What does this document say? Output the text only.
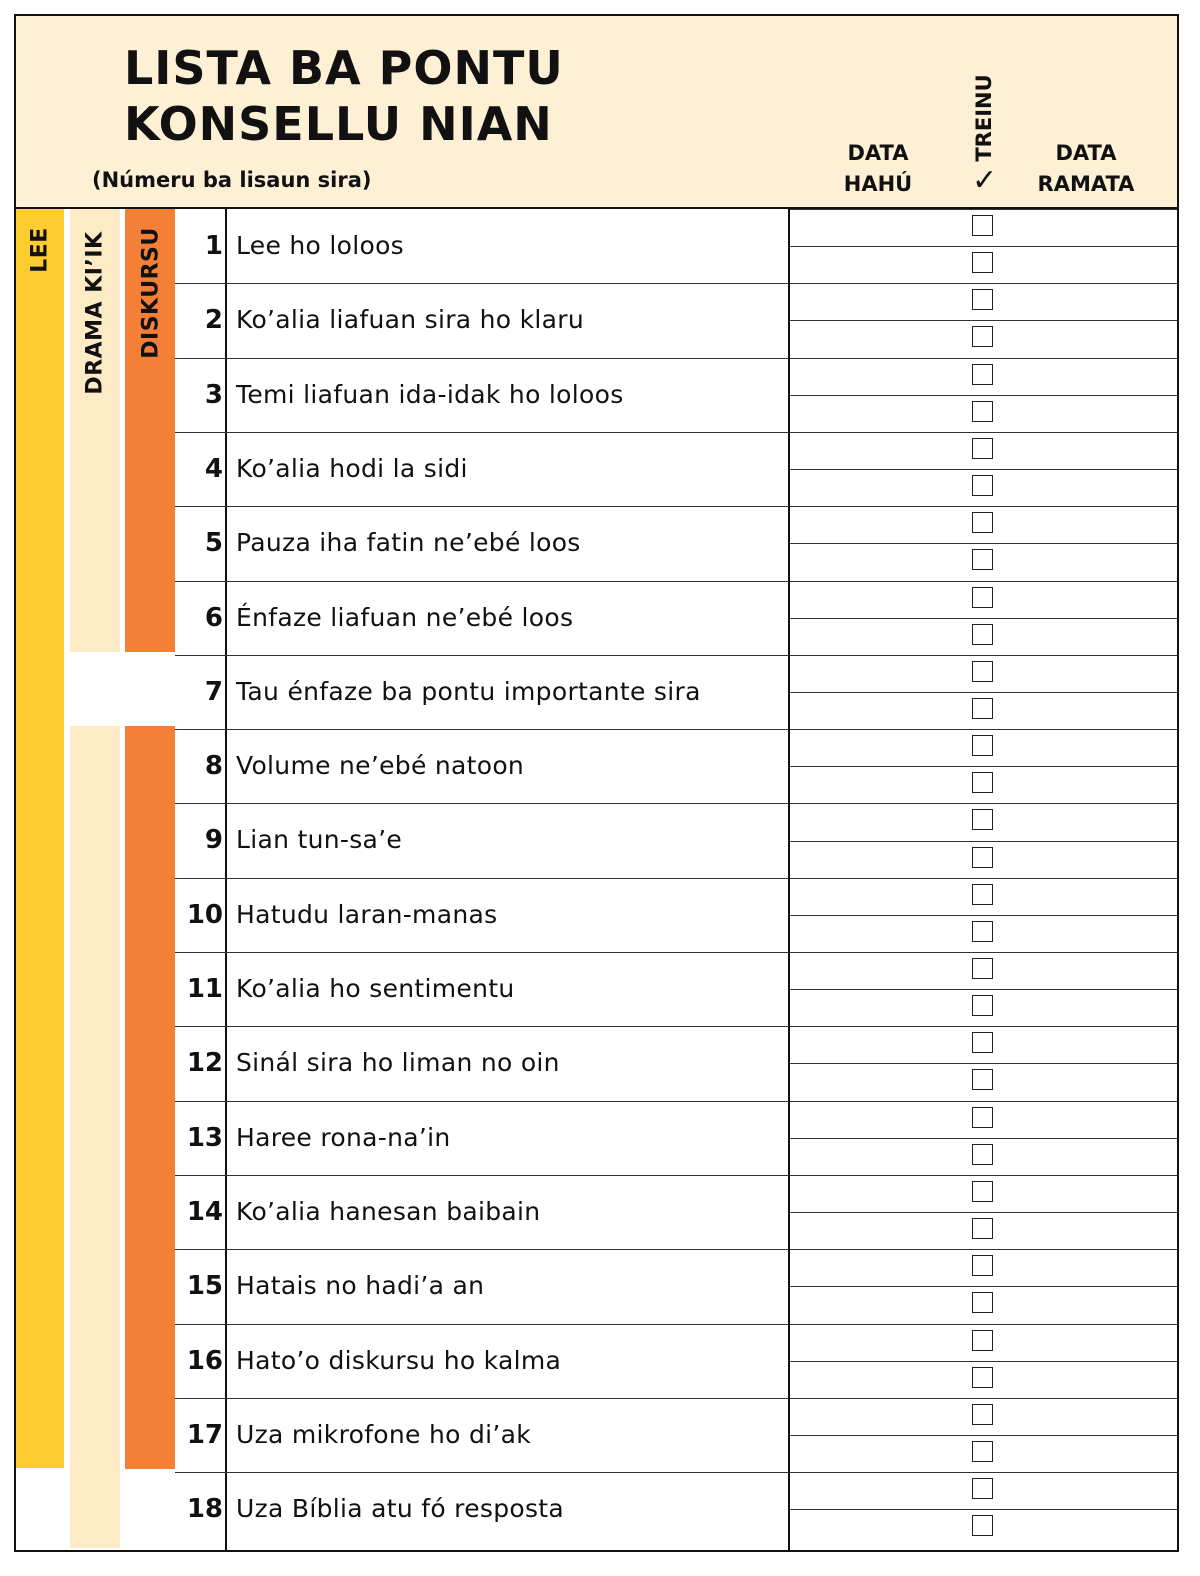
LISTA BA PONTU
KONSELLU NIAN
(Númeru ba lisaun sira)
DATA
HAHÚ
TREINU
✓
DATA
RAMATA
LEE DRAMA KI’IK DISKURSU 1 Lee ho loloos
2 Ko’alia liafuan sira ho klaru
3 Temi liafuan ida-idak ho loloos
4 Ko’alia hodi la sidi
5 Pauza iha fatin ne’ebé loos
6 Énfaze liafuan ne’ebé loos
7 Tau énfaze ba pontu importante sira
8 Volume ne’ebé natoon
9 Lian tun-sa’e
10 Hatudu laran-manas
11 Ko’alia ho sentimentu
12 Sinál sira ho liman no oin
13 Haree rona-na’in
14 Ko’alia hanesan baibain
15 Hatais no hadi’a an
16 Hato’o diskursu ho kalma
17 Uza mikrofone ho di’ak
18 Uza Bíblia atu fó resposta
